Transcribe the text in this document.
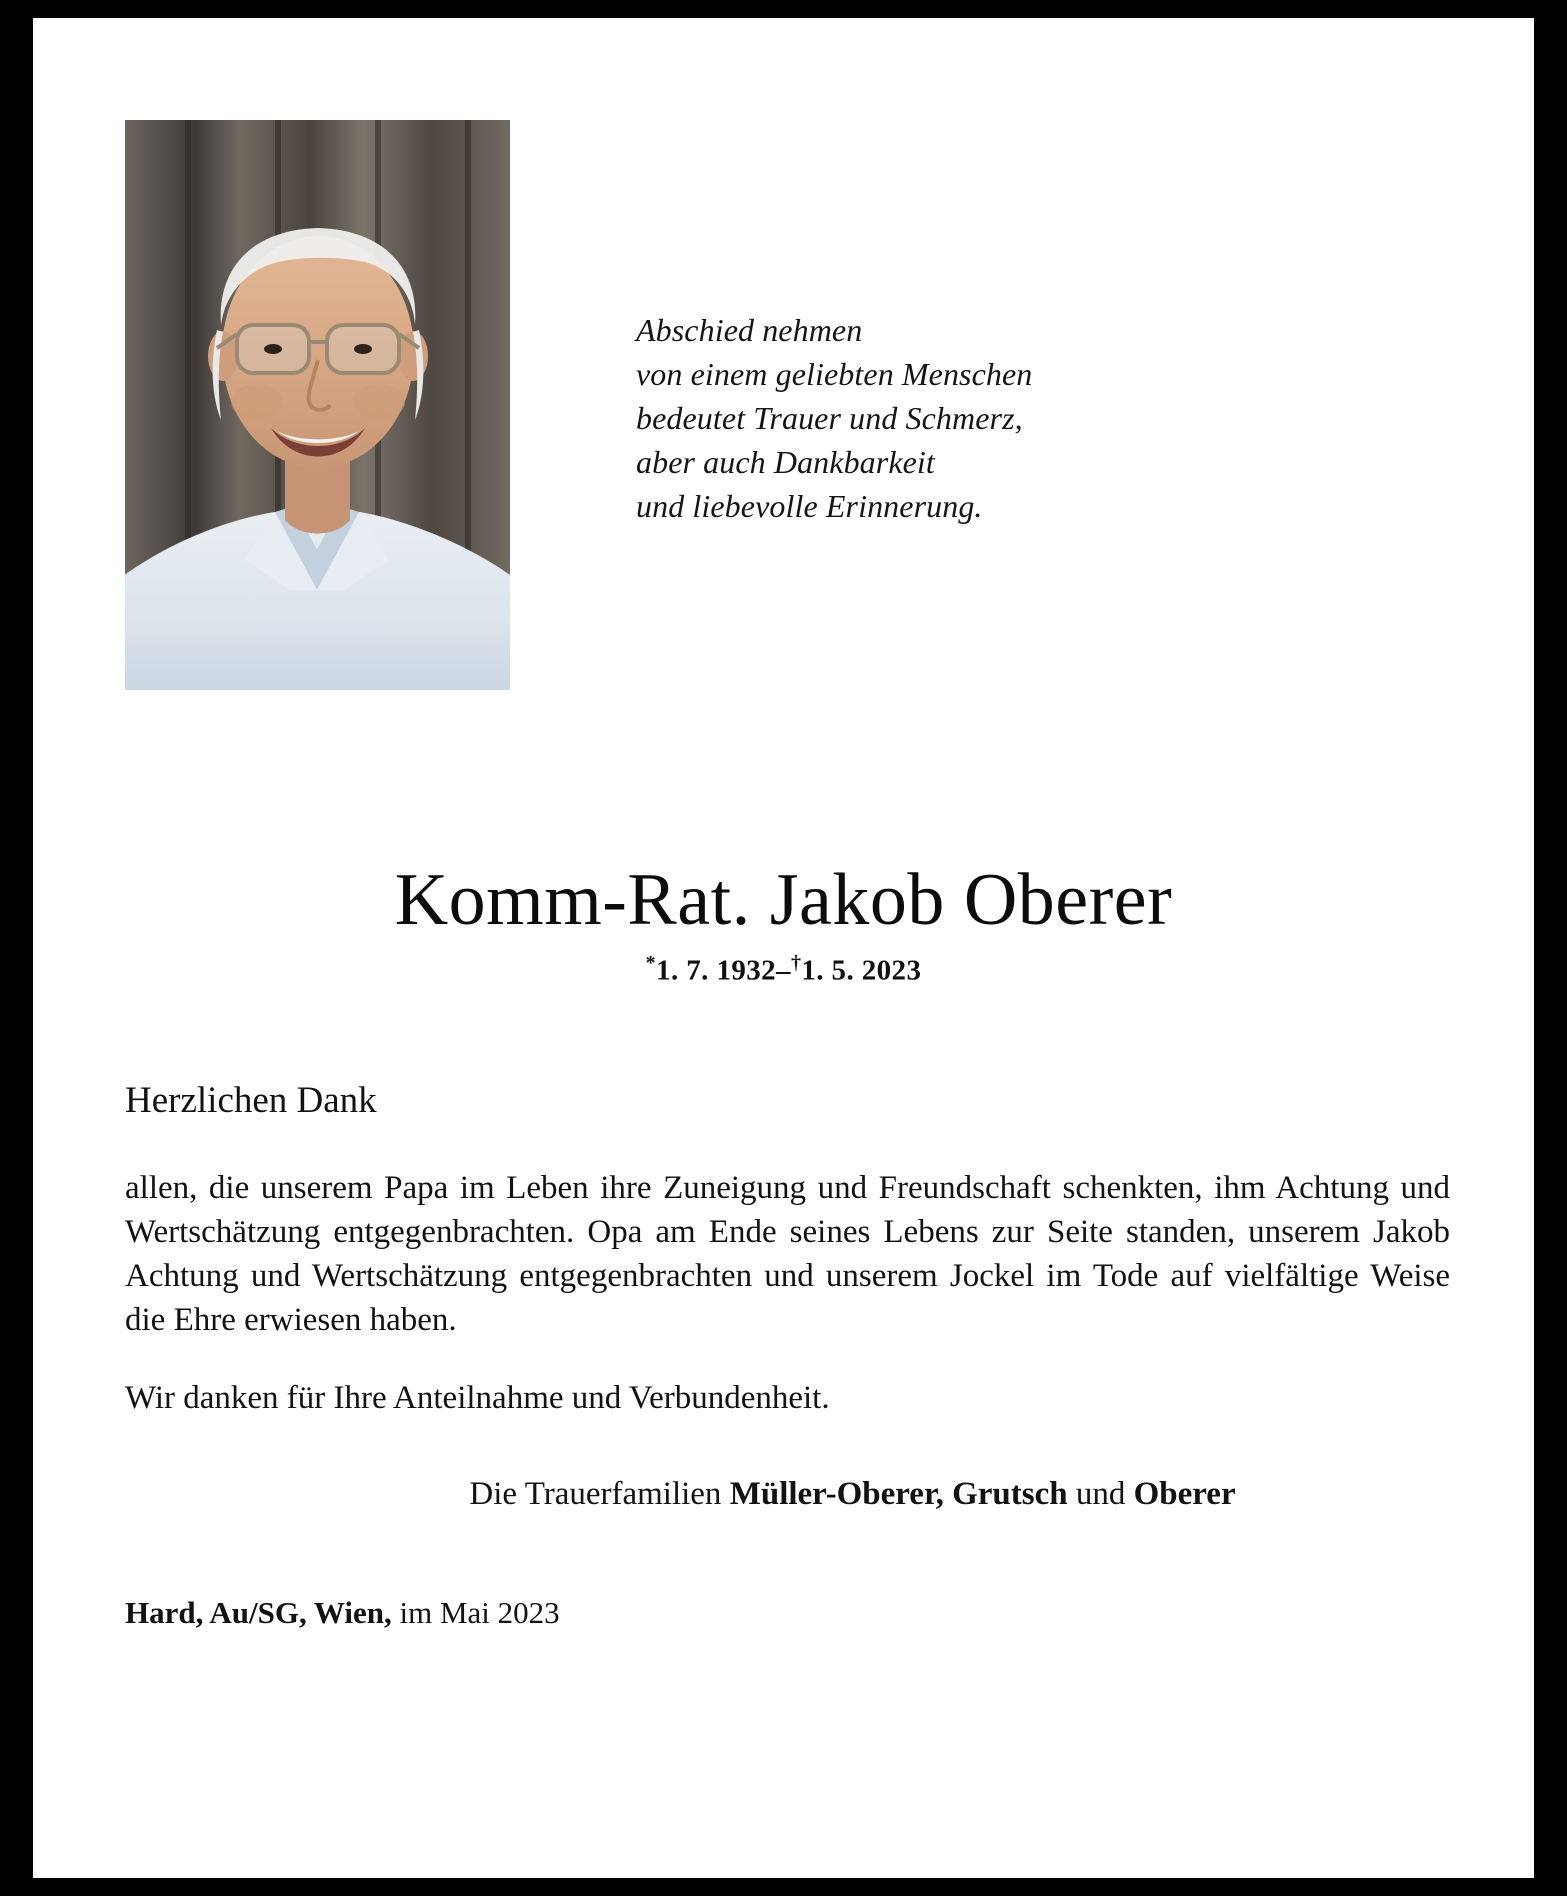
Abschied nehmen
von einem geliebten Menschen
bedeutet Trauer und Schmerz,
aber auch Dankbarkeit
und liebevolle Erinnerung.
Komm-Rat. Jakob Oberer
*1. 7. 1932–†1. 5. 2023

Herzlichen Dank

allen, die unserem Papa im Leben ihre Zuneigung und Freundschaft schenkten, ihm Achtung und Wertschätzung entgegenbrachten. Opa am Ende seines Lebens zur Seite standen, unserem Jakob Achtung und Wertschätzung entgegenbrachten und unserem Jockel im Tode auf vielfältige Weise die Ehre erwiesen haben.

Wir danken für Ihre Anteilnahme und Verbundenheit.

Die Trauerfamilien Müller-Oberer, Grutsch und Oberer
Hard, Au/SG, Wien, im Mai 2023
